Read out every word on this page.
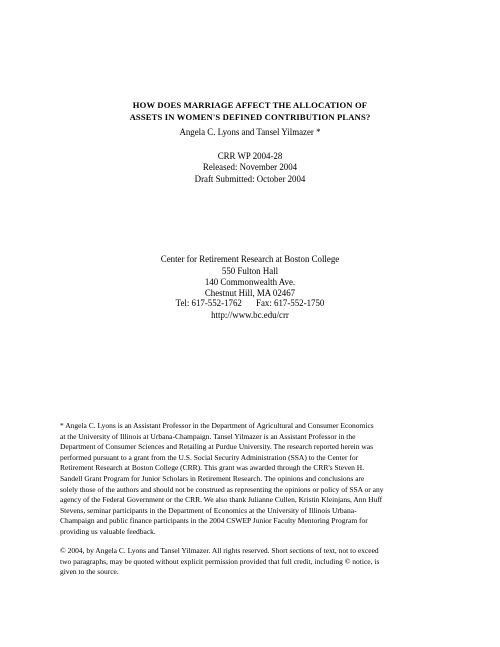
HOW DOES MARRIAGE AFFECT THE ALLOCATION OF
ASSETS IN WOMEN'S DEFINED CONTRIBUTION PLANS?
Angela C. Lyons and Tansel Yilmazer *
CRR WP 2004-28
Released: November 2004
Draft Submitted: October 2004
Center for Retirement Research at Boston College
550 Fulton Hall
140 Commonwealth Ave.
Chestnut Hill, MA 02467
Tel: 617-552-1762 Fax: 617-552-1750
http://www.bc.edu/crr
* Angela C. Lyons is an Assistant Professor in the Department of Agricultural and Consumer Economics
at the University of Illinois at Urbana-Champaign. Tansel Yilmazer is an Assistant Professor in the
Department of Consumer Sciences and Retailing at Purdue University. The research reported herein was
performed pursuant to a grant from the U.S. Social Security Administration (SSA) to the Center for
Retirement Research at Boston College (CRR). This grant was awarded through the CRR's Steven H.
Sandell Grant Program for Junior Scholars in Retirement Research. The opinions and conclusions are
solely those of the authors and should not be construed as representing the opinions or policy of SSA or any
agency of the Federal Government or the CRR. We also thank Julianne Cullen, Kristin Kleinjans, Ann Huff
Stevens, seminar participants in the Department of Economics at the University of Illinois Urbana-
Champaign and public finance participants in the 2004 CSWEP Junior Faculty Mentoring Program for
providing us valuable feedback.
© 2004, by Angela C. Lyons and Tansel Yilmazer. All rights reserved. Short sections of text, not to exceed
two paragraphs, may be quoted without explicit permission provided that full credit, including © notice, is
given to the source.
